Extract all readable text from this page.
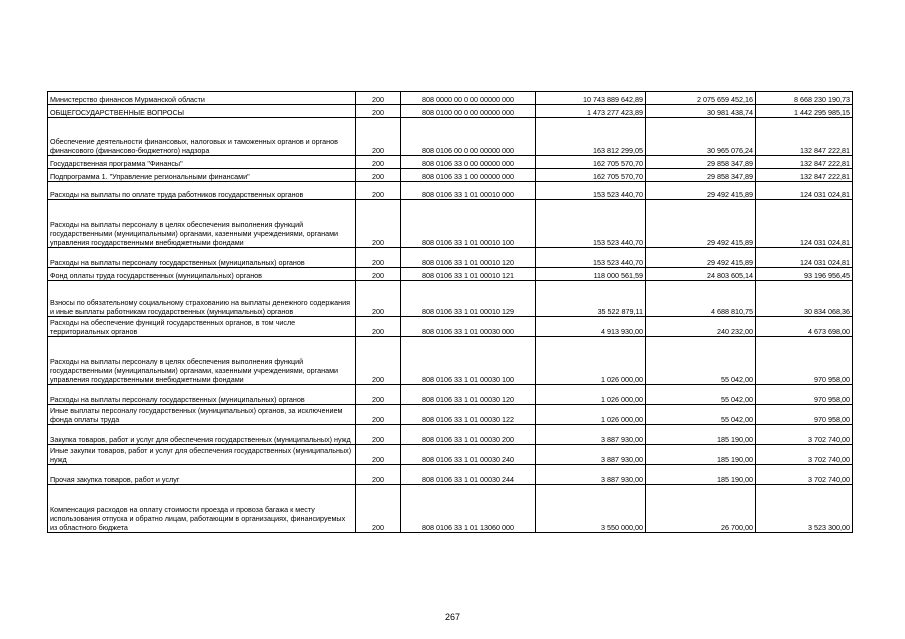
Министерство финансов Мурманской области	200	808 0000 00 0 00 00000 000	10 743 889 642,89	2 075 659 452,16	8 668 230 190,73
ОБЩЕГОСУДАРСТВЕННЫЕ ВОПРОСЫ	200	808 0100 00 0 00 00000 000	1 473 277 423,89	30 981 438,74	1 442 295 985,15
Обеспечение деятельности финансовых, налоговых и таможенных органов и органов финансового (финансово-бюджетного) надзора	200	808 0106 00 0 00 00000 000	163 812 299,05	30 965 076,24	132 847 222,81
Государственная программа "Финансы"	200	808 0106 33 0 00 00000 000	162 705 570,70	29 858 347,89	132 847 222,81
Подпрограмма 1. "Управление региональными финансами"	200	808 0106 33 1 00 00000 000	162 705 570,70	29 858 347,89	132 847 222,81
Расходы на выплаты по оплате труда работников государственных органов	200	808 0106 33 1 01 00010 000	153 523 440,70	29 492 415,89	124 031 024,81
Расходы на выплаты персоналу в целях обеспечения выполнения функций государственными (муниципальными) органами, казенными учреждениями, органами управления государственными внебюджетными фондами	200	808 0106 33 1 01 00010 100	153 523 440,70	29 492 415,89	124 031 024,81
Расходы на выплаты персоналу государственных (муниципальных) органов	200	808 0106 33 1 01 00010 120	153 523 440,70	29 492 415,89	124 031 024,81
Фонд оплаты труда государственных (муниципальных) органов	200	808 0106 33 1 01 00010 121	118 000 561,59	24 803 605,14	93 196 956,45
Взносы по обязательному социальному страхованию на выплаты денежного содержания и иные выплаты работникам государственных (муниципальных) органов	200	808 0106 33 1 01 00010 129	35 522 879,11	4 688 810,75	30 834 068,36
Расходы на обеспечение функций государственных органов, в том числе территориальных органов	200	808 0106 33 1 01 00030 000	4 913 930,00	240 232,00	4 673 698,00
Расходы на выплаты персоналу в целях обеспечения выполнения функций государственными (муниципальными) органами, казенными учреждениями, органами управления государственными внебюджетными фондами	200	808 0106 33 1 01 00030 100	1 026 000,00	55 042,00	970 958,00
Расходы на выплаты персоналу государственных (муниципальных) органов	200	808 0106 33 1 01 00030 120	1 026 000,00	55 042,00	970 958,00
Иные выплаты персоналу государственных (муниципальных) органов, за исключением фонда оплаты труда	200	808 0106 33 1 01 00030 122	1 026 000,00	55 042,00	970 958,00
Закупка товаров, работ и услуг для обеспечения государственных (муниципальных) нужд	200	808 0106 33 1 01 00030 200	3 887 930,00	185 190,00	3 702 740,00
Иные закупки товаров, работ и услуг для обеспечения государственных (муниципальных) нужд	200	808 0106 33 1 01 00030 240	3 887 930,00	185 190,00	3 702 740,00
Прочая закупка товаров, работ и услуг	200	808 0106 33 1 01 00030 244	3 887 930,00	185 190,00	3 702 740,00
Компенсация расходов на оплату стоимости проезда и провоза багажа к месту использования отпуска и обратно лицам, работающим в организациях, финансируемых из областного бюджета	200	808 0106 33 1 01 13060 000	3 550 000,00	26 700,00	3 523 300,00
267
